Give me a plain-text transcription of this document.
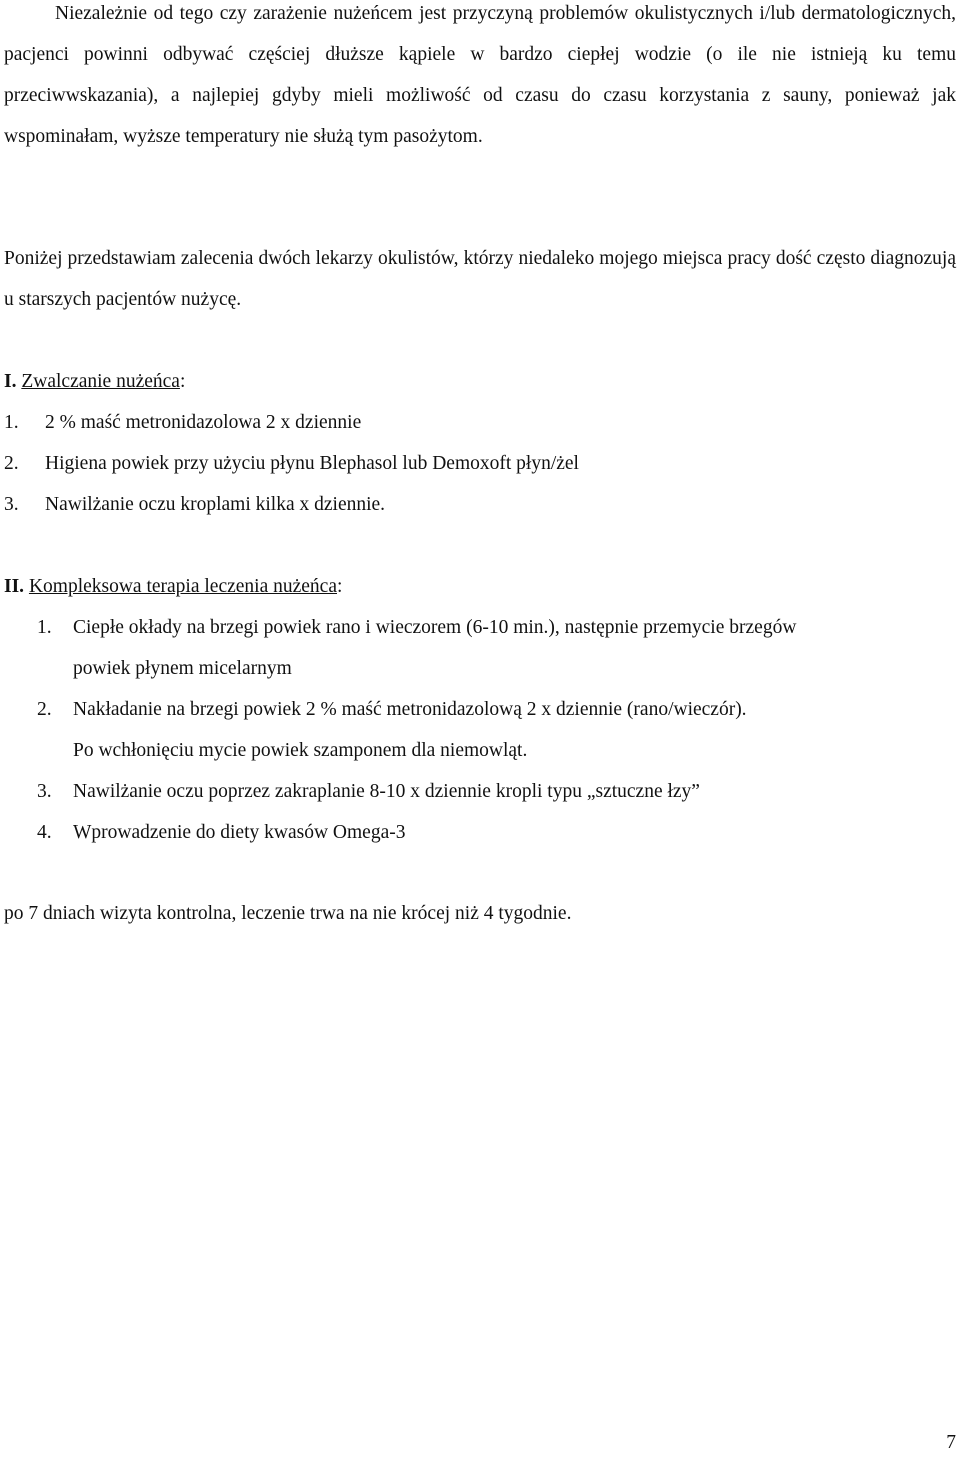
Niezależnie od tego czy zarażenie nużeńcem jest przyczyną problemów okulistycznych i/lub dermatologicznych, pacjenci powinni odbywać częściej dłuższe kąpiele w bardzo ciepłej wodzie (o ile nie istnieją ku temu przeciwwskazania), a najlepiej gdyby mieli możliwość od czasu do czasu korzystania z sauny, ponieważ jak wspominałam, wyższe temperatury nie służą tym pasożytom.

Poniżej przedstawiam zalecenia dwóch lekarzy okulistów, którzy niedaleko mojego miejsca pracy dość często diagnozują u starszych pacjentów nużycę.

I. Zwalczanie nużeńca:
1. 2 % maść metronidazolowa 2 x dziennie
2. Higiena powiek przy użyciu płynu Blephasol lub Demoxoft płyn/żel
3. Nawilżanie oczu kroplami kilka x dziennie.
II. Kompleksowa terapia leczenia nużeńca:
1. Ciepłe okłady na brzegi powiek rano i wieczorem (6-10 min.), następnie przemycie brzegów
powiek płynem micelarnym
2. Nakładanie na brzegi powiek 2 % maść metronidazolową 2 x dziennie (rano/wieczór).
Po wchłonięciu mycie powiek szamponem dla niemowląt.
3. Nawilżanie oczu poprzez zakraplanie 8-10 x dziennie kropli typu „sztuczne łzy”
4. Wprowadzenie do diety kwasów Omega-3

po 7 dniach wizyta kontrolna, leczenie trwa na nie krócej niż 4 tygodnie.

7
